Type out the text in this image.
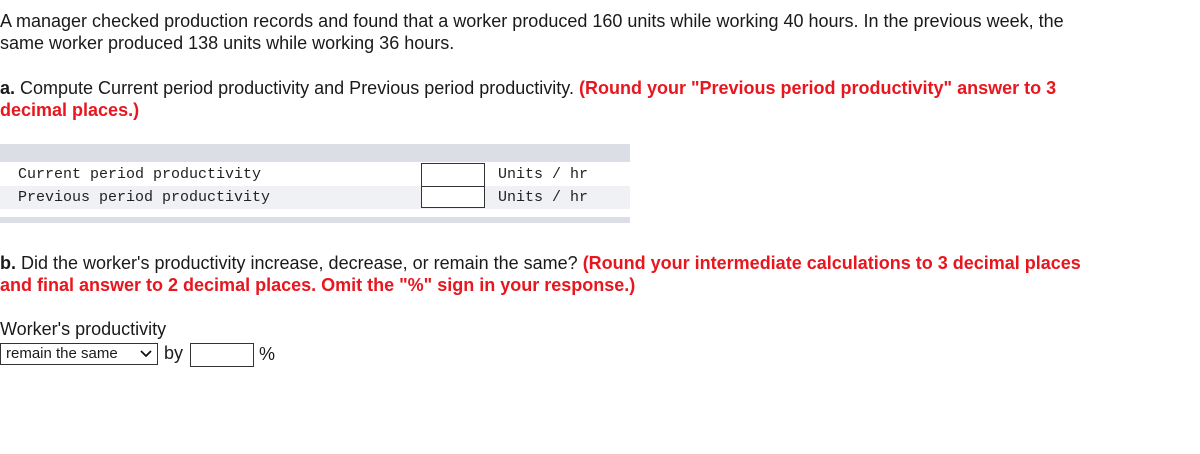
A manager checked production records and found that a worker produced 160 units while working 40 hours. In the previous week, the
same worker produced 138 units while working 36 hours.
a. Compute Current period productivity and Previous period productivity. (Round your "Previous period productivity" answer to 3
decimal places.)
Current period productivity	Units / hr
Previous period productivity	Units / hr
b. Did the worker's productivity increase, decrease, or remain the same? (Round your intermediate calculations to 3 decimal places
and final answer to 2 decimal places. Omit the "%" sign in your response.)
Worker's productivity
remain the same	by	%
